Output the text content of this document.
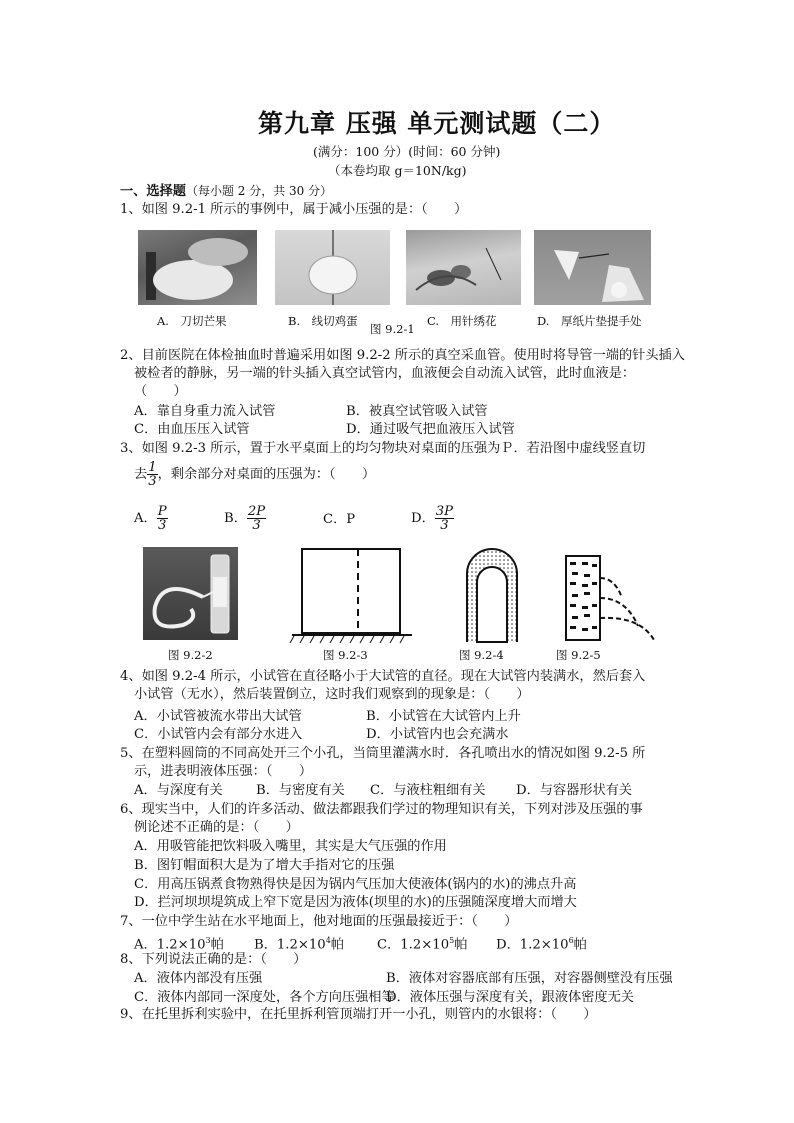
第九章 压强 单元测试题（二）
(满分：100 分）(时间：60 分钟)
（本卷均取 g＝10N/kg)
一、选择题（每小题 2 分，共 30 分）
1、如图 9.2-1 所示的事例中，属于减小压强的是：（　　）
A.　刀切芒果	B.　线切鸡蛋	C.　用针绣花	D.　厚纸片垫提手处
图 9.2-1
2、目前医院在体检抽血时普遍采用如图 9.2-2 所示的真空采血管。使用时将导管一端的针头插入
被检者的静脉，另一端的针头插入真空试管内，血液便会自动流入试管，此时血液是：
（　　）
A．靠自身重力流入试管	B．被真空试管吸入试管
C．由血压压入试管	D．通过吸气把血液压入试管
3、如图 9.2-3 所示，置于水平桌面上的均匀物块对桌面的压强为Ｐ．若沿图中虚线竖直切
去 $\frac{1}{3}$ ，剩余部分对桌面的压强为：（　　）
A． $\frac{P}{3}$	B． $\frac{2P}{3}$	C．P	D． $\frac{3P}{3}$
图 9.2-2	图 9.2-3	图 9.2-4	图 9.2-5
4、如图 9.2-4 所示，小试管在直径略小于大试管的直径。现在大试管内装满水，然后套入
小试管（无水），然后装置倒立，这时我们观察到的现象是：（　　）
A．小试管被流水带出大试管	B．小试管在大试管内上升
C．小试管内会有部分水进入	D．小试管内也会充满水
5、在塑料圆筒的不同高处开三个小孔，当筒里灌满水时．各孔喷出水的情况如图 9.2-5 所
示，进表明液体压强：（　　）
A．与深度有关	B．与密度有关 C．与液柱粗细有关 D．与容器形状有关
6、现实当中，人们的许多活动、做法都跟我们学过的物理知识有关，下列对涉及压强的事
例论述不正确的是：（　　）
A．用吸管能把饮料吸入嘴里，其实是大气压强的作用
B．图钉帽面积大是为了增大手指对它的压强
C．用高压锅煮食物熟得快是因为锅内气压加大使液体(锅内的水)的沸点升高
D．拦河坝坝堤筑成上窄下宽是因为液体(坝里的水)的压强随深度增大而增大
7、一位中学生站在水平地面上，他对地面的压强最接近于：（　　）
A．$1.2\times 10^3$帕 B．$1.2\times 10^4$帕	C．$1.2\times 10^5$帕 D．$1.2\times 10^6$帕
8、下列说法正确的是：（　　）
A．液体内部没有压强	B．液体对容器底部有压强，对容器侧壁没有压强
C．液体内部同一深度处，各个方向压强相等
D．液体压强与深度有关，跟液体密度无关
9、在托里拆利实验中，在托里拆利管顶端打开一小孔，则管内的水银将：（　　）
